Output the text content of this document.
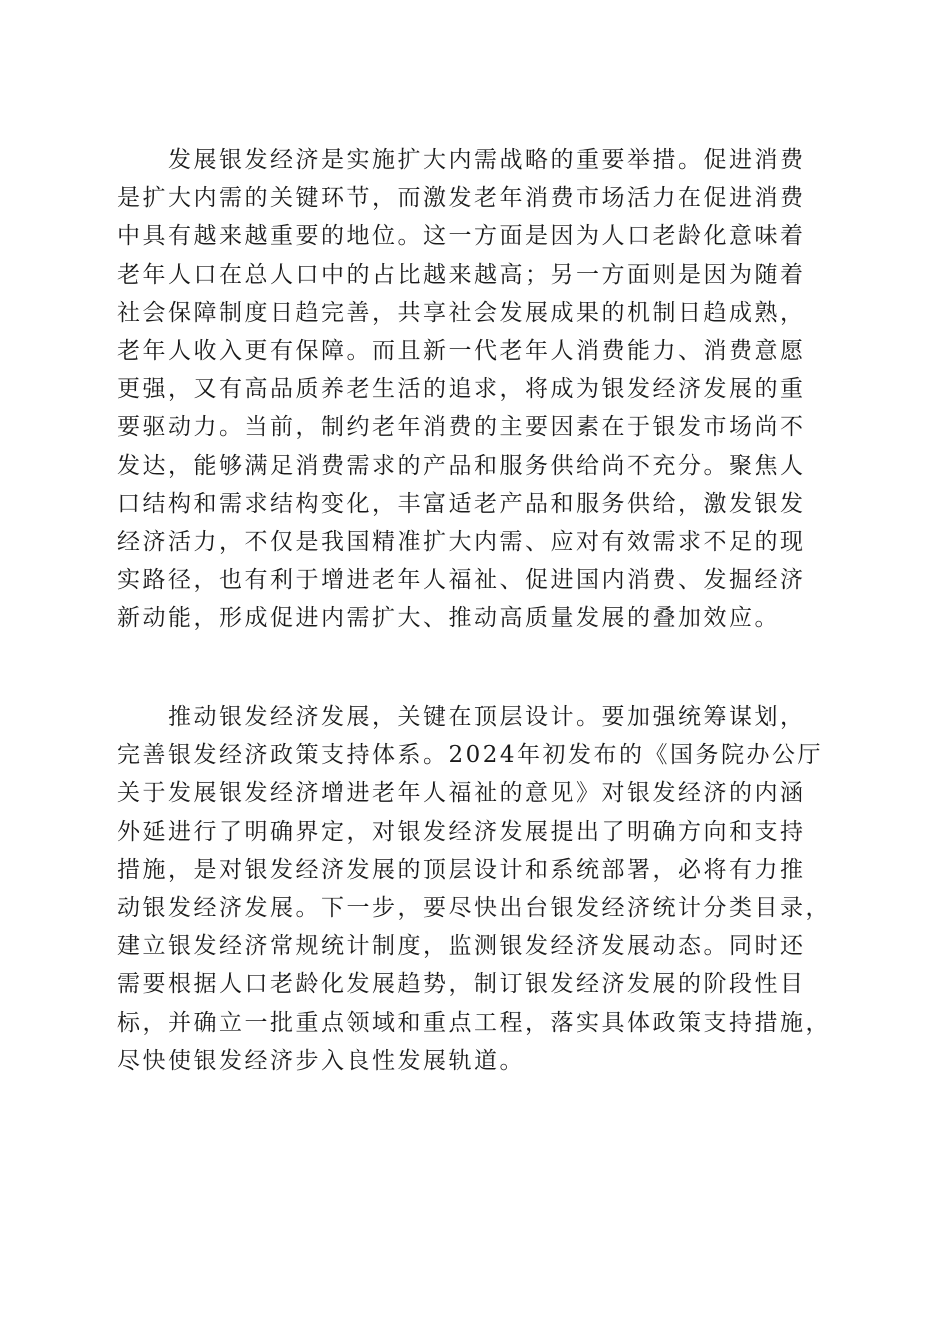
发展银发经济是实施扩大内需战略的重要举措。促进消费
是扩大内需的关键环节，而激发老年消费市场活力在促进消费
中具有越来越重要的地位。这一方面是因为人口老龄化意味着
老年人口在总人口中的占比越来越高；另一方面则是因为随着
社会保障制度日趋完善，共享社会发展成果的机制日趋成熟，
老年人收入更有保障。而且新一代老年人消费能力、消费意愿
更强，又有高品质养老生活的追求，将成为银发经济发展的重
要驱动力。当前，制约老年消费的主要因素在于银发市场尚不
发达，能够满足消费需求的产品和服务供给尚不充分。聚焦人
口结构和需求结构变化，丰富适老产品和服务供给，激发银发
经济活力，不仅是我国精准扩大内需、应对有效需求不足的现
实路径，也有利于增进老年人福祉、促进国内消费、发掘经济
新动能，形成促进内需扩大、推动高质量发展的叠加效应。
推动银发经济发展，关键在顶层设计。要加强统筹谋划，
完善银发经济政策支持体系。2024年初发布的《国务院办公厅
关于发展银发经济增进老年人福祉的意见》对银发经济的内涵
外延进行了明确界定，对银发经济发展提出了明确方向和支持
措施，是对银发经济发展的顶层设计和系统部署，必将有力推
动银发经济发展。下一步，要尽快出台银发经济统计分类目录，
建立银发经济常规统计制度，监测银发经济发展动态。同时还
需要根据人口老龄化发展趋势，制订银发经济发展的阶段性目
标，并确立一批重点领域和重点工程，落实具体政策支持措施，
尽快使银发经济步入良性发展轨道。
